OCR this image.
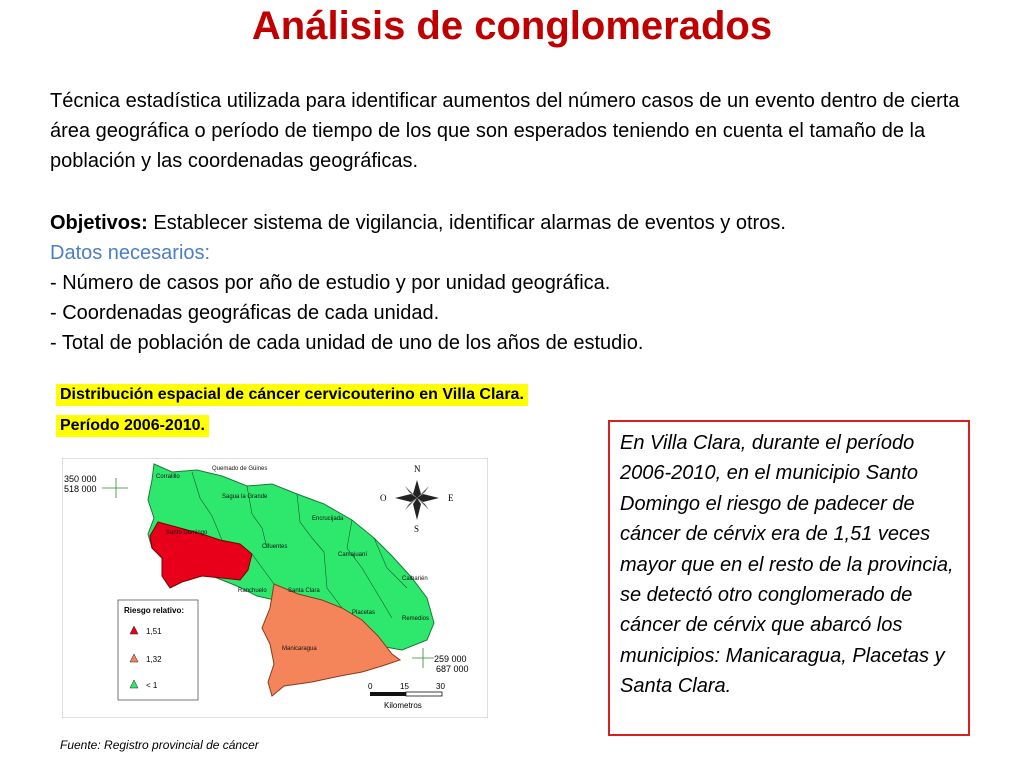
Análisis de conglomerados

Técnica estadística utilizada para identificar aumentos del número casos de un evento dentro de cierta área geográfica o período de tiempo de los que son esperados teniendo en cuenta el tamaño de la población y las coordenadas geográficas.

Objetivos: Establecer sistema de vigilancia, identificar alarmas de eventos y otros.
Datos necesarios:
- Número de casos por año de estudio y por unidad geográfica.
- Coordenadas geográficas de cada unidad.
- Total de población de cada unidad de uno de los años de estudio.
Distribución espacial de cáncer cervicouterino en Villa Clara.
Período 2006-2010.
350 000
518 000
259 000
687 000
N
S
E
O
Corralillo
Quemado de Güines
Sagua la Grande
Encrucijada
Santo Domingo
Cifuentes
Camajuaní
Caibarién
Ranchuelo	Santa Clara
Placetas
Remedios
Manicaragua
Riesgo relativo:
1,51
1,32
< 1	0	15	30
Kilometros
En Villa Clara, durante el período 2006-2010, en el municipio Santo Domingo el riesgo de padecer de cáncer de cérvix era de 1,51 veces mayor que en el resto de la provincia, se detectó otro conglomerado de cáncer de cérvix que abarcó los municipios: Manicaragua, Placetas y Santa Clara.
Fuente: Registro provincial de cáncer
